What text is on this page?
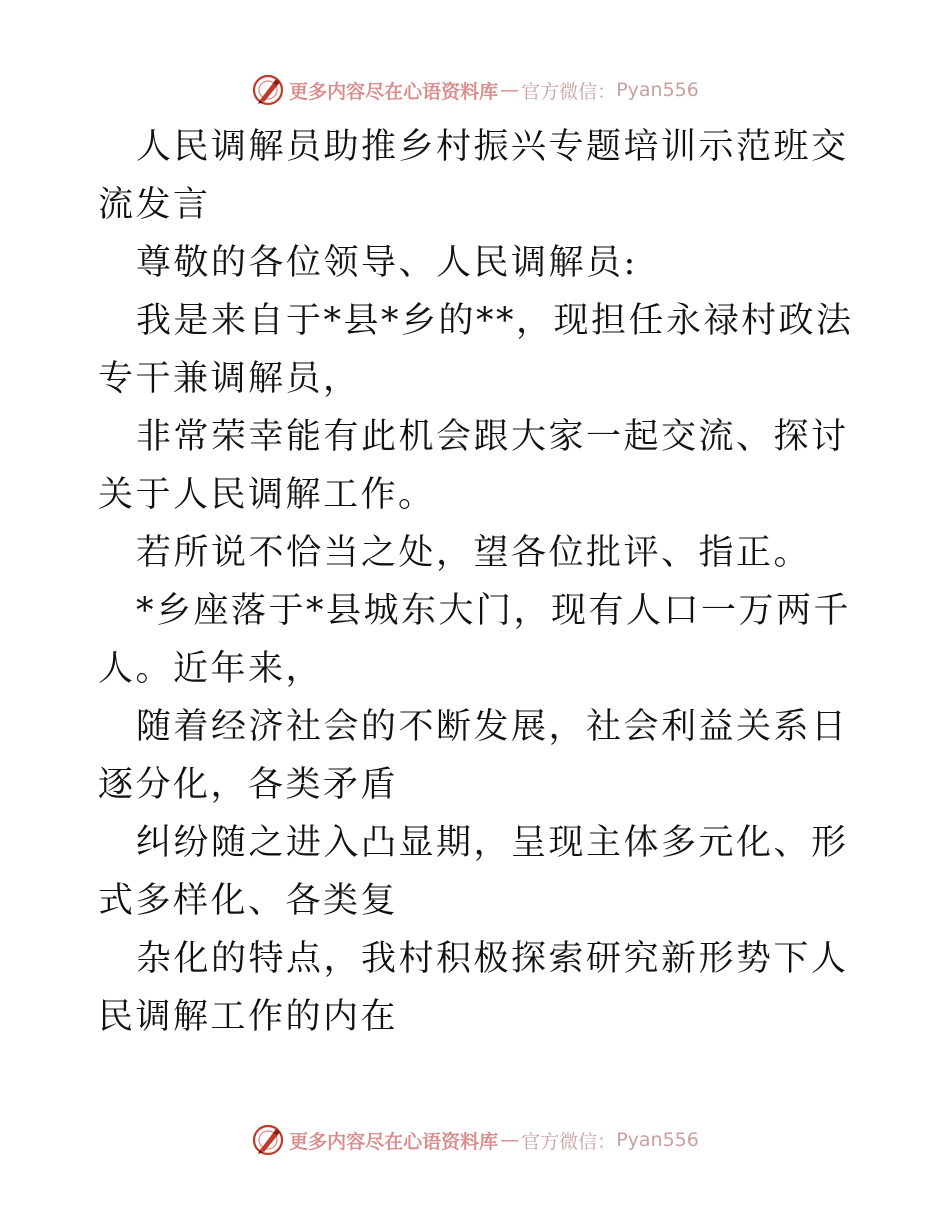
更多内容尽在心语资料库 — 官方微信： Pyan556

人民调解员助推乡村振兴专题培训示范班交流发言

尊敬的各位领导、人民调解员:

我是来自于*县*乡的**，现担任永禄村政法专干兼调解员，

非常荣幸能有此机会跟大家一起交流、探讨关于人民调解工作。

若所说不恰当之处，望各位批评、指正。

*乡座落于*县城东大门，现有人口一万两千人。近年来，

随着经济社会的不断发展，社会利益关系日逐分化，各类矛盾

纠纷随之进入凸显期，呈现主体多元化、形式多样化、各类复

杂化的特点，我村积极探索研究新形势下人民调解工作的内在

更多内容尽在心语资料库 — 官方微信： Pyan556
